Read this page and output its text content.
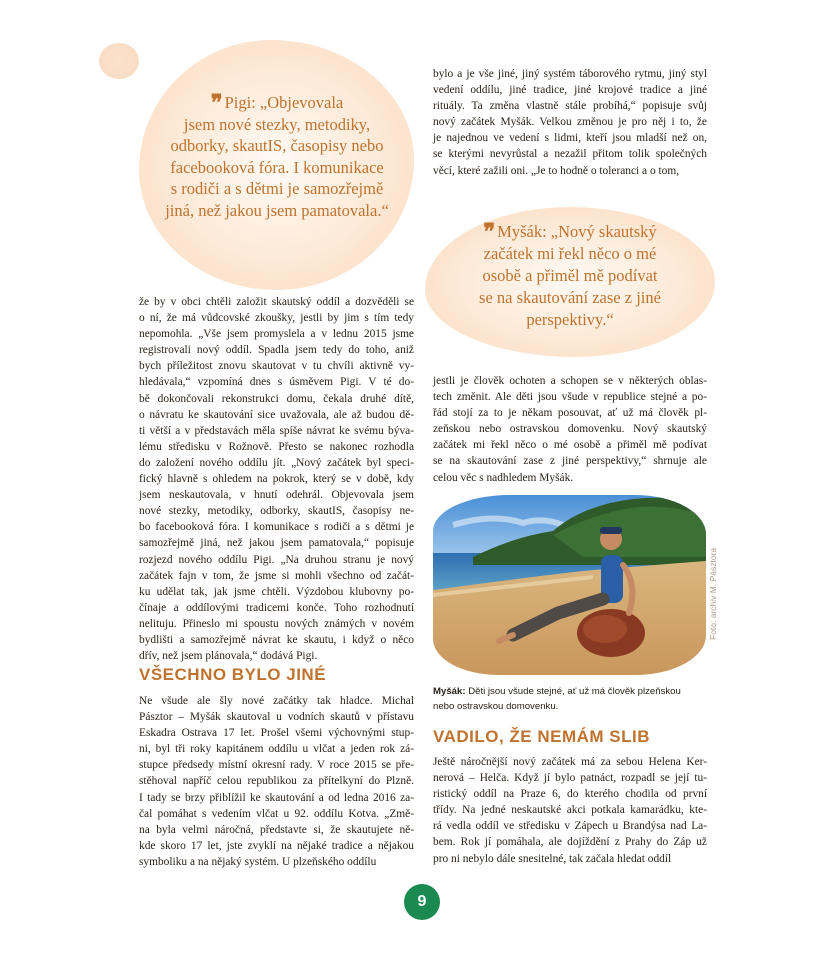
❞ Pigi: „Objevovala
jsem nové stezky, metodiky,
odborky, skautIS, časopisy nebo
facebooková fóra. I komunikace
s rodiči a s dětmi je samozřejmě
jiná, než jakou jsem pamatovala.“
❞ Myšák: „Nový skautský
začátek mi řekl něco o mé
osobě a přiměl mě podívat
se na skautování zase z jiné
perspektivy.“
bylo a je vše jiné, jiný systém táborového rytmu, jiný styl
vedení oddílu, jiné tradice, jiné krojové tradice a jiné
rituály. Ta změna vlastně stále probíhá,“ popisuje svůj
nový začátek Myšák. Velkou změnou je pro něj i to, že
je najednou ve vedení s lidmi, kteří jsou mladší než on,
se kterými nevyrůstal a nezažil přitom tolik společných
věcí, které zažili oni. „Je to hodně o toleranci a o tom,
že by v obci chtěli založit skautský oddíl a dozvěděli se
o ní, že má vůdcovské zkoušky, jestli by jim s tím tedy
nepomohla. „Vše jsem promyslela a v lednu 2015 jsme
registrovali nový oddíl. Spadla jsem tedy do toho, aniž
bych příležitost znovu skautovat v tu chvíli aktivně vy-
hledávala,“ vzpomíná dnes s úsměvem Pigi. V té do-
bě dokončovali rekonstrukci domu, čekala druhé dítě,
o návratu ke skautování sice uvažovala, ale až budou dě-
ti větší a v představách měla spíše návrat ke svému býva-
lému středisku v Rožnově. Přesto se nakonec rozhodla
do založení nového oddílu jít. „Nový začátek byl speci-
fický hlavně s ohledem na pokrok, který se v době, kdy
jsem neskautovala, v hnutí odehrál. Objevovala jsem
nové stezky, metodiky, odborky, skautIS, časopisy ne-
bo facebooková fóra. I komunikace s rodiči a s dětmi je
samozřejmě jiná, než jakou jsem pamatovala,“ popisuje
rozjezd nového oddílu Pigi. „Na druhou stranu je nový
začátek fajn v tom, že jsme si mohli všechno od začát-
ku udělat tak, jak jsme chtěli. Výzdobou klubovny po-
čínaje a oddílovými tradicemi konče. Toho rozhodnutí
nelituju. Přineslo mi spoustu nových známých v novém
bydlišti a samozřejmě návrat ke skautu, i když o něco
dřív, než jsem plánovala,“ dodává Pigi.
VŠECHNO BYLO JINÉ
Ne všude ale šly nové začátky tak hladce. Michal
Pásztor – Myšák skautoval u vodních skautů v přístavu
Eskadra Ostrava 17 let. Prošel všemi výchovnými stup-
ni, byl tři roky kapitánem oddílu u vlčat a jeden rok zá-
stupce předsedy místní okresní rady. V roce 2015 se pře-
stěhoval napříč celou republikou za přítelkyní do Plzně.
I tady se brzy přiblížil ke skautování a od ledna 2016 za-
čal pomáhat s vedením vlčat u 92. oddílu Kotva. „Změ-
na byla velmi náročná, představte si, že skautujete ně-
kde skoro 17 let, jste zvyklí na nějaké tradice a nějakou
symboliku a na nějaký systém. U plzeňského oddílu
jestli je člověk ochoten a schopen se v některých oblas-
tech změnit. Ale děti jsou všude v republice stejné a po-
řád stojí za to je někam posouvat, ať už má člověk pl-
zeňskou nebo ostravskou domovenku. Nový skautský
začátek mi řekl něco o mé osobě a přiměl mě podívat
se na skautování zase z jiné perspektivy,“ shrnuje ale
celou věc s nadhledem Myšák.
Foto: archiv M. Pásztora
Myšák: Děti jsou všude stejné, ať už má člověk plzeňskou
nebo ostravskou domovenku.
VADILO, ŽE NEMÁM SLIB
Ještě náročnější nový začátek má za sebou Helena Ker-
nerová – Helča. Když jí bylo patnáct, rozpadl se její tu-
ristický oddíl na Praze 6, do kterého chodila od první
třídy. Na jedné neskautské akci potkala kamarádku, kte-
rá vedla oddíl ve středisku v Zápech u Brandýsa nad La-
bem. Rok jí pomáhala, ale dojíždění z Prahy do Záp už
pro ni nebylo dále snesitelné, tak začala hledat oddíl
9
